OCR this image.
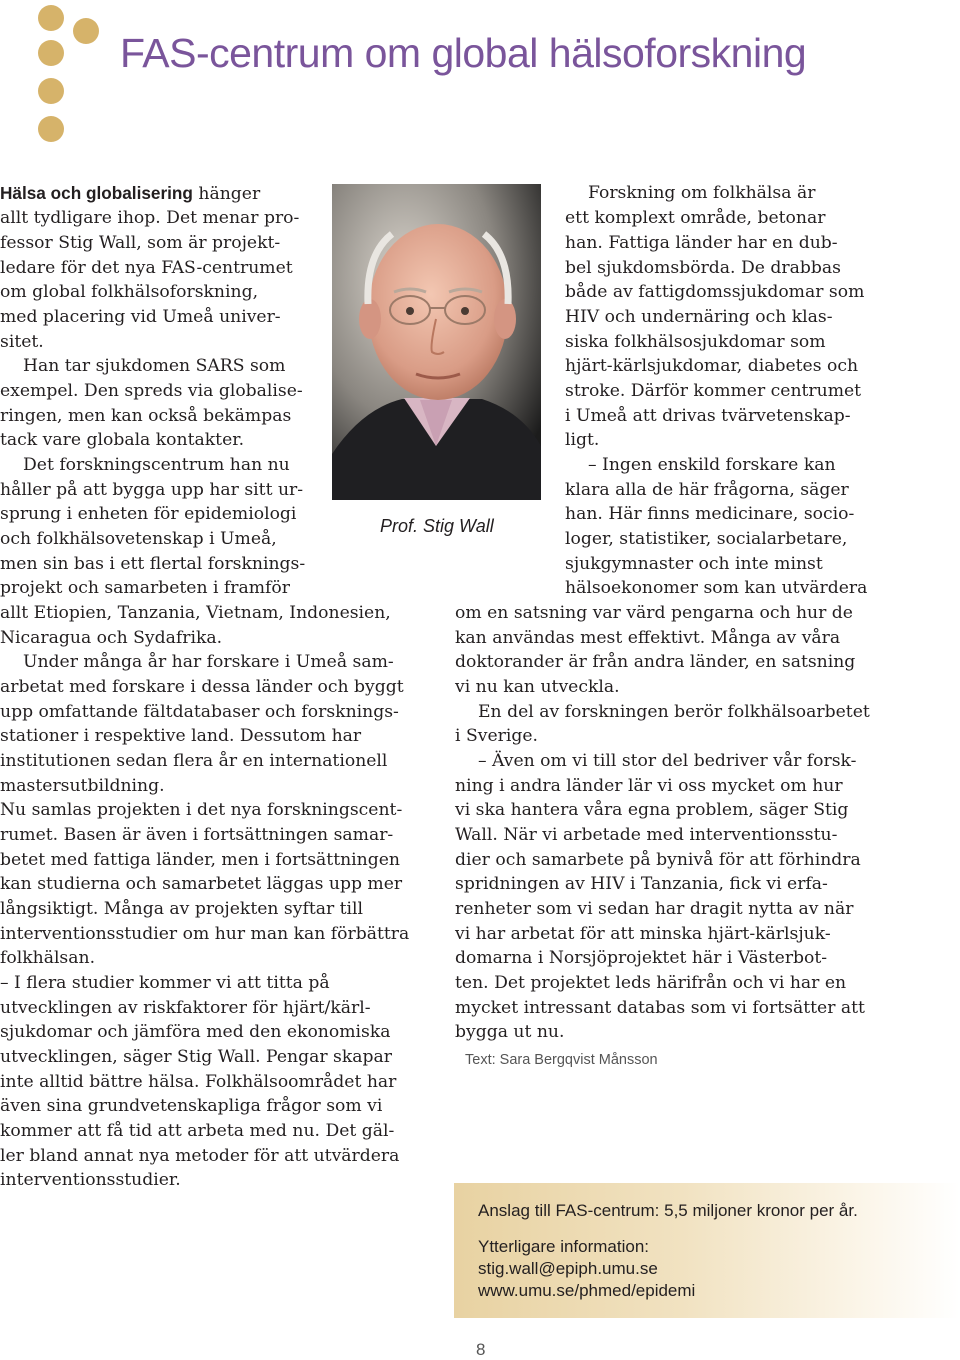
FAS-centrum om global hälsoforskning

Hälsa och globalisering hänger

allt tydligare ihop. Det menar pro-

fessor Stig Wall, som är projekt-

ledare för det nya FAS-centrumet

om global folkhälsoforskning,

med placering vid Umeå univer-

sitet.

Han tar sjukdomen SARS som

exempel. Den spreds via globalise-

ringen, men kan också bekämpas

tack vare globala kontakter.

Det forskningscentrum han nu

håller på att bygga upp har sitt ur-

sprung i enheten för epidemiologi

och folkhälsovetenskap i Umeå,

men sin bas i ett flertal forsknings-

projekt och samarbeten i framför

allt Etiopien, Tanzania, Vietnam, Indonesien,

Nicaragua och Sydafrika.

Under många år har forskare i Umeå sam-

arbetat med forskare i dessa länder och byggt

upp omfattande fältdatabaser och forsknings-

stationer i respektive land. Dessutom har

institutionen sedan flera år en internationell

mastersutbildning.

Nu samlas projekten i det nya forskningscent-

rumet. Basen är även i fortsättningen samar-

betet med fattiga länder, men i fortsättningen

kan studierna och samarbetet läggas upp mer

långsiktigt. Många av projekten syftar till

interventionsstudier om hur man kan förbättra

folkhälsan.

– I flera studier kommer vi att titta på

utvecklingen av riskfaktorer för hjärt/kärl-

sjukdomar och jämföra med den ekonomiska

utvecklingen, säger Stig Wall. Pengar skapar

inte alltid bättre hälsa. Folkhälsoområdet har

även sina grundvetenskapliga frågor som vi

kommer att få tid att arbeta med nu. Det gäl-

ler bland annat nya metoder för att utvärdera

interventionsstudier.

Prof. Stig Wall

Forskning om folkhälsa är

ett komplext område, betonar

han. Fattiga länder har en dub-

bel sjukdomsbörda. De drabbas

både av fattigdomssjukdomar som

HIV och undernäring och klas-

siska folkhälsosjukdomar som

hjärt-kärlsjukdomar, diabetes och

stroke. Därför kommer centrumet

i Umeå att drivas tvärvetenskap-

ligt.

– Ingen enskild forskare kan

klara alla de här frågorna, säger

han. Här finns medicinare, socio-

loger, statistiker, socialarbetare,

sjukgymnaster och inte minst

hälsoekonomer som kan utvärdera

om en satsning var värd pengarna och hur de

kan användas mest effektivt. Många av våra

doktorander är från andra länder, en satsning

vi nu kan utveckla.

En del av forskningen berör folkhälsoarbetet

i Sverige.

– Även om vi till stor del bedriver vår forsk-

ning i andra länder lär vi oss mycket om hur

vi ska hantera våra egna problem, säger Stig

Wall. När vi arbetade med interventionsstu-

dier och samarbete på bynivå för att förhindra

spridningen av HIV i Tanzania, fick vi erfa-

renheter som vi sedan har dragit nytta av när

vi har arbetat för att minska hjärt-kärlsjuk-

domarna i Norsjöprojektet här i Västerbot-

ten. Det projektet leds härifrån och vi har en

mycket intressant databas som vi fortsätter att

bygga ut nu.

Text: Sara Bergqvist Månsson

Anslag till FAS-centrum: 5,5 miljoner kronor per år.

Ytterligare information:

stig.wall@epiph.umu.se

www.umu.se/phmed/epidemi

8
